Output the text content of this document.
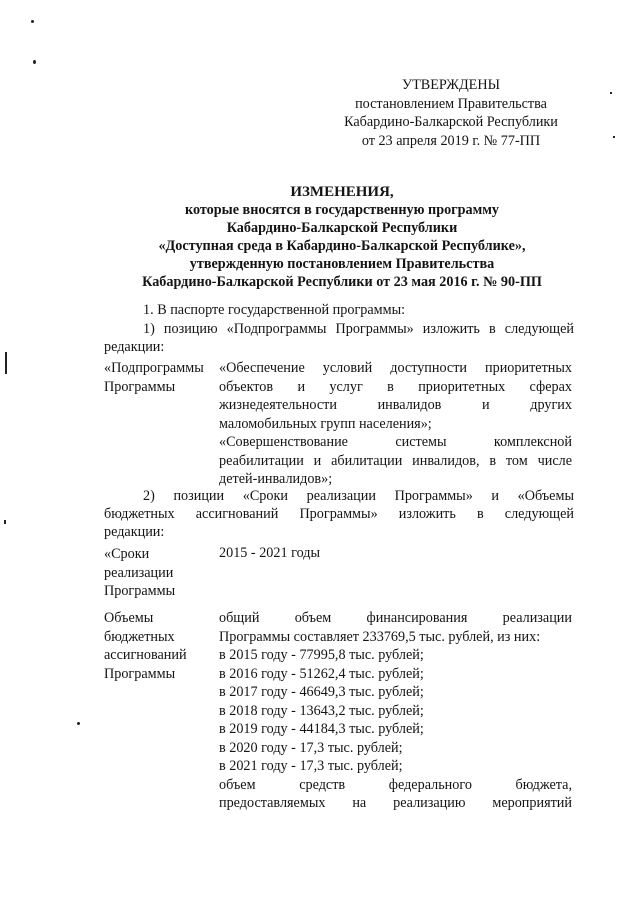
УТВЕРЖДЕНЫ
постановлением Правительства
Кабардино-Балкарской Республики
от 23 апреля 2019 г. № 77-ПП
ИЗМЕНЕНИЯ,
которые вносятся в государственную программу
Кабардино-Балкарской Республики
«Доступная среда в Кабардино-Балкарской Республике»,
утвержденную постановлением Правительства
Кабардино-Балкарской Республики от 23 мая 2016 г. № 90-ПП
1. В паспорте государственной программы:
1) позицию «Подпрограммы Программы» изложить в следующей
редакции:
«Подпрограммы
Программы
«Обеспечение условий доступности приоритетных
объектов и услуг в приоритетных сферах
жизнедеятельности инвалидов и других
маломобильных групп населения»;
«Совершенствование системы комплексной
реабилитации и абилитации инвалидов, в том числе
детей-инвалидов»;
2) позиции «Сроки реализации Программы» и «Объемы
бюджетных ассигнований Программы» изложить в следующей
редакции:
«Сроки
реализации
Программы
2015 - 2021 годы
Объемы
бюджетных
ассигнований
Программы
общий объем финансирования реализации
Программы составляет 233769,5 тыс. рублей, из них:
в 2015 году - 77995,8 тыс. рублей;
в 2016 году - 51262,4 тыс. рублей;
в 2017 году - 46649,3 тыс. рублей;
в 2018 году - 13643,2 тыс. рублей;
в 2019 году - 44184,3 тыс. рублей;
в 2020 году - 17,3 тыс. рублей;
в 2021 году - 17,3 тыс. рублей;
объем средств федерального бюджета,
предоставляемых на реализацию мероприятий
